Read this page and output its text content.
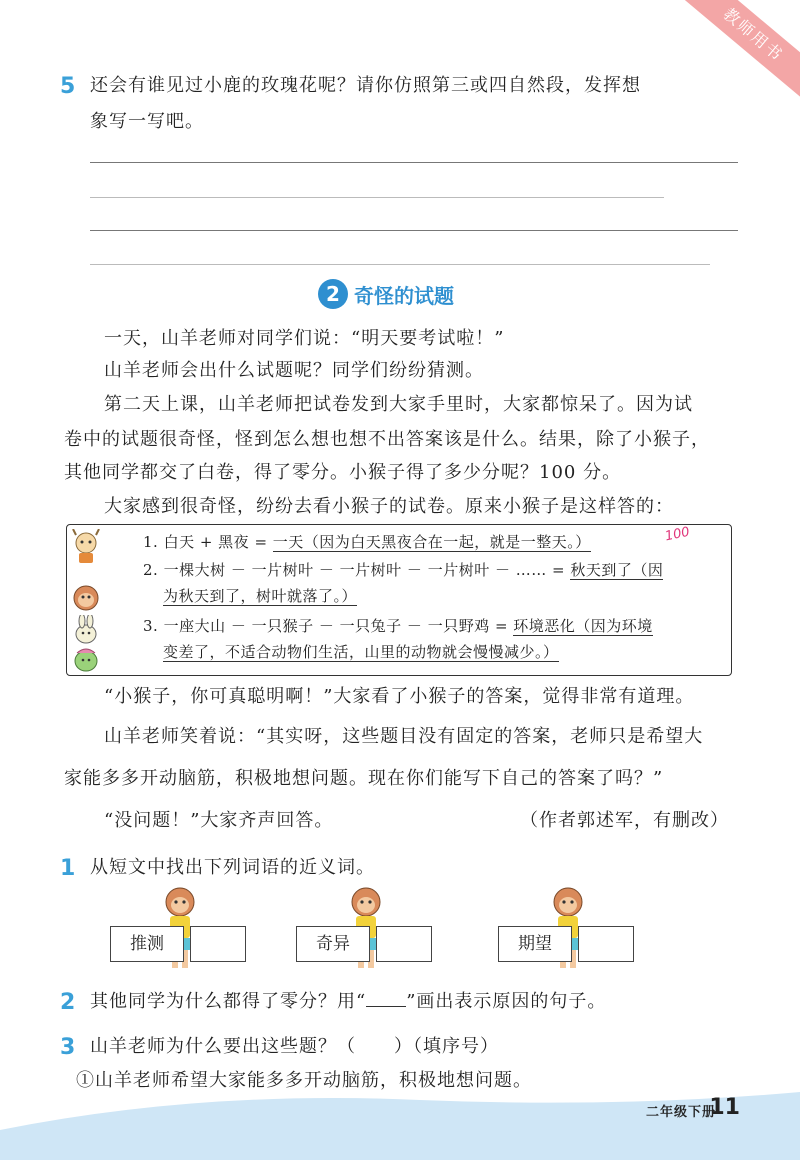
教师用书
5 还会有谁见过小鹿的玫瑰花呢？请你仿照第三或四自然段，发挥想
象写一写吧。
2 奇怪的试题
一天，山羊老师对同学们说：“明天要考试啦！”
山羊老师会出什么试题呢？同学们纷纷猜测。
第二天上课，山羊老师把试卷发到大家手里时，大家都惊呆了。因为试
卷中的试题很奇怪，怪到怎么想也想不出答案该是什么。结果，除了小猴子，
其他同学都交了白卷，得了零分。小猴子得了多少分呢？100 分。
大家感到很奇怪，纷纷去看小猴子的试卷。原来小猴子是这样答的：
1. 白天 + 黑夜 = 一天（因为白天黑夜合在一起，就是一整天。）	100
2. 一棵大树 － 一片树叶 － 一片树叶 － 一片树叶 － …… = 秋天到了（因
为秋天到了，树叶就落了。）
3. 一座大山 － 一只猴子 － 一只兔子 － 一只野鸡 = 环境恶化（因为环境
变差了，不适合动物们生活，山里的动物就会慢慢减少。）
“小猴子，你可真聪明啊！”大家看了小猴子的答案，觉得非常有道理。
山羊老师笑着说：“其实呀，这些题目没有固定的答案，老师只是希望大
家能多多开动脑筋，积极地想问题。现在你们能写下自己的答案了吗？”
“没问题！”大家齐声回答。	（作者郭述军，有删改）
1 从短文中找出下列词语的近义词。
推测	奇异	期望
2 其他同学为什么都得了零分？用“ ”画出表示原因的句子。
3 山羊老师为什么要出这些题？（　　）（填序号）
①山羊老师希望大家能多多开动脑筋，积极地想问题。
二年级下册
11
